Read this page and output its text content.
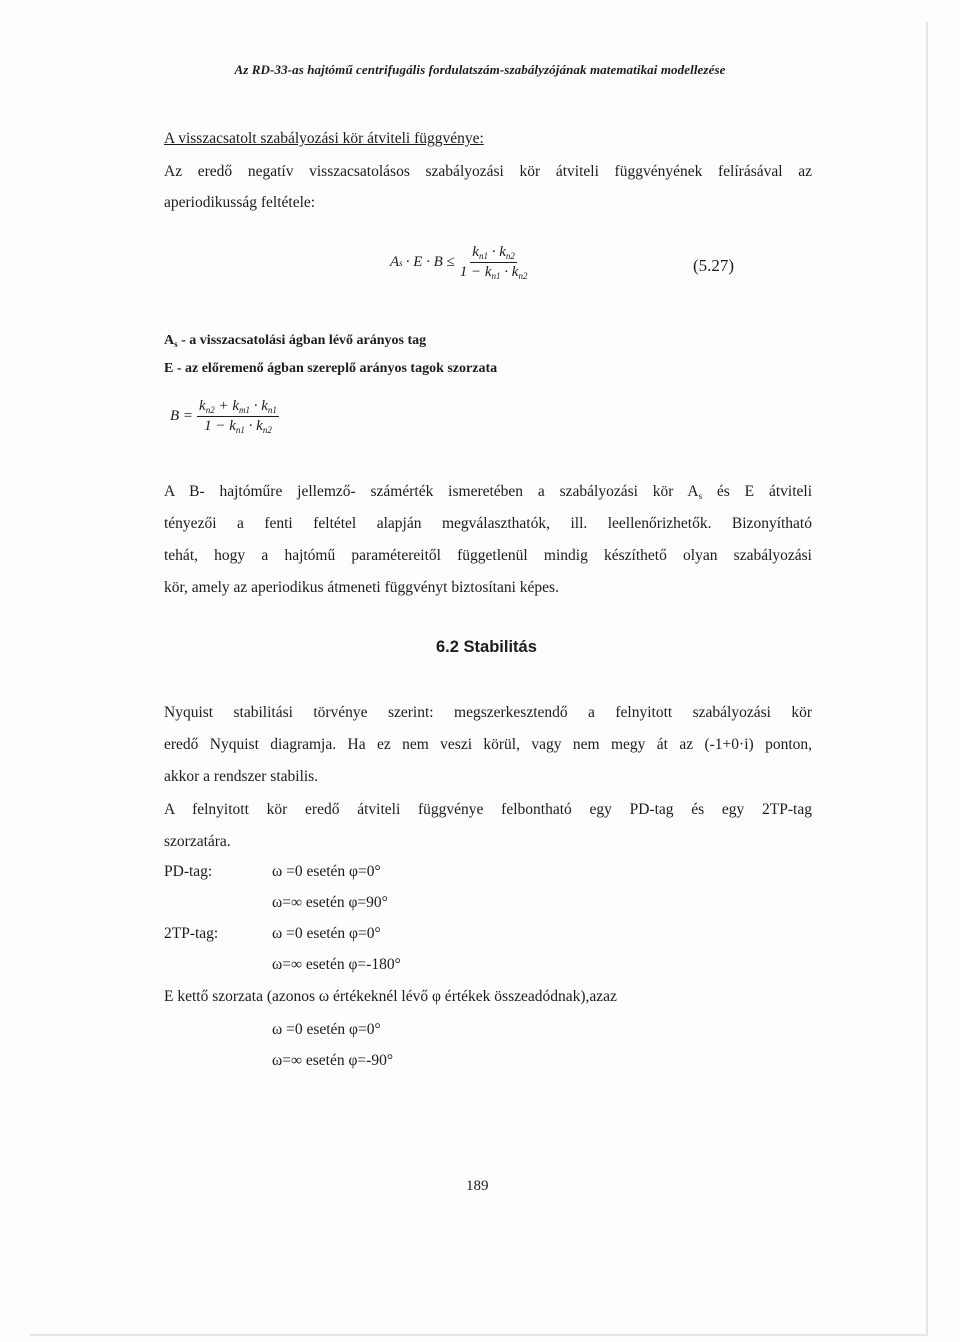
Az RD-33-as hajtómű centrifugális fordulatszám-szabályzójának matematikai modellezése
A visszacsatolt szabályozási kör átviteli függvénye:
Az eredő negatív visszacsatolásos szabályozási kör átviteli függvényének felírásával az
aperiodikusság feltétele:
A $s \cdot E \cdot B \le \frac{k_{n1} \cdot k_{n2}}{1 - k_{n1} \cdot k_{n2}}$	(5.27)
$A_s$ - a visszacsatolási ágban lévő arányos tag
E - az előremenő ágban szereplő arányos tagok szorzata
$B = \frac{k_{n2} + k_{m1} \cdot k_{n1}}{1 - k_{n1} \cdot k_{n2}}$
A B- hajtóműre jellemző- számérték ismeretében a szabályozási kör $A_s$ és E átviteli
tényezői a fenti feltétel alapján megválaszthatók, ill. leellenőrizhetők. Bizonyítható
tehát, hogy a hajtómű paramétereitől függetlenül mindig készíthető olyan szabályozási
kör, amely az aperiodikus átmeneti függvényt biztosítani képes.
6.2 Stabilitás
Nyquist stabilitási törvénye szerint: megszerkesztendő a felnyitott szabályozási kör
eredő Nyquist diagramja. Ha ez nem veszi körül, vagy nem megy át az (-1+0·i) ponton,
akkor a rendszer stabilis.
A felnyitott kör eredő átviteli függvénye felbontható egy PD-tag és egy 2TP-tag
szorzatára.
PD-tag:	ω =0 esetén φ=0°
ω=∞ esetén φ=90°
2TP-tag:	ω =0 esetén φ=0°
ω=∞ esetén φ=-180°
E kettő szorzata (azonos ω értékeknél lévő φ értékek összeadódnak),azaz
ω =0 esetén φ=0°
ω=∞ esetén φ=-90°
189
